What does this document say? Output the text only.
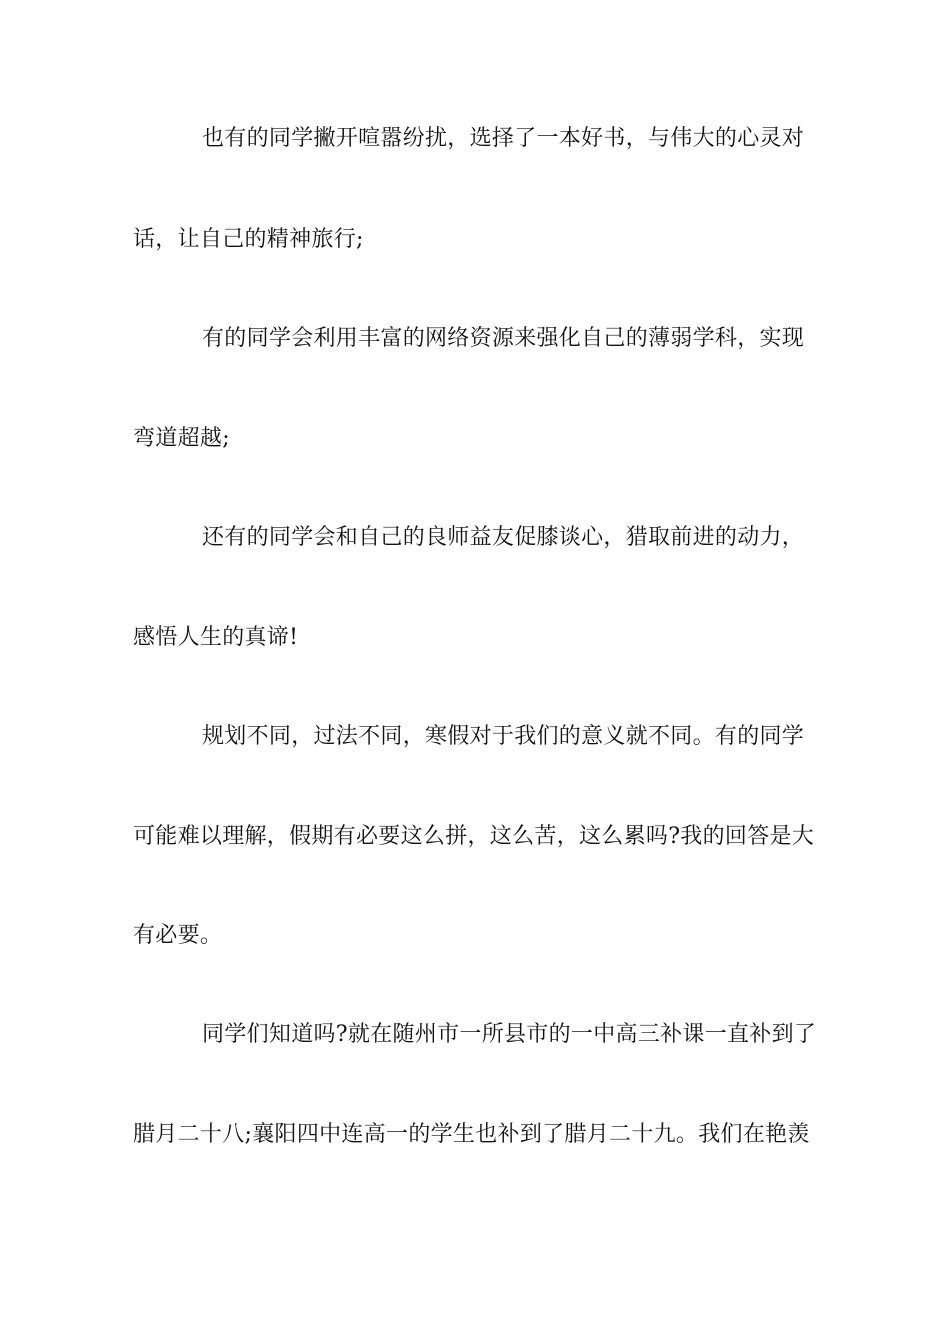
也有的同学撇开喧嚣纷扰，选择了一本好书，与伟大的心灵对
话，让自己的精神旅行;
有的同学会利用丰富的网络资源来强化自己的薄弱学科，实现
弯道超越;
还有的同学会和自己的良师益友促膝谈心，猎取前进的动力，
感悟人生的真谛!
规划不同，过法不同，寒假对于我们的意义就不同。有的同学
可能难以理解，假期有必要这么拼，这么苦，这么累吗?我的回答是大
有必要。
同学们知道吗?就在随州市一所县市的一中高三补课一直补到了
腊月二十八;襄阳四中连高一的学生也补到了腊月二十九。我们在艳羡
